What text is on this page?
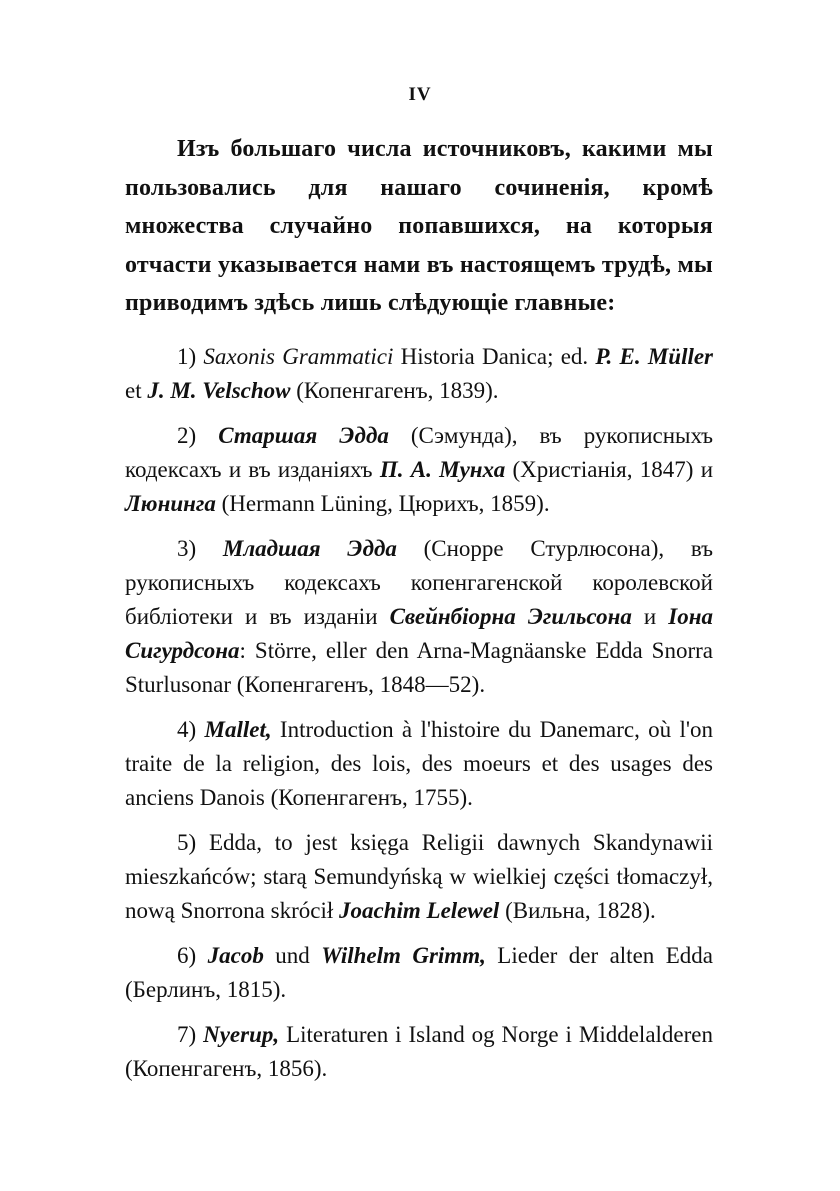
IV

Изъ большаго числа источниковъ, какими мы пользовались для нашаго сочиненія, кромѣ множества случайно попавшихся, на которыя отчасти указывается нами въ настоящемъ трудѣ, мы приводимъ здѣсь лишь слѣдующіе главные:

1) Saxonis Grammatici Historia Danica; ed. P. E. Müller et J. M. Velschow (Копенгагенъ, 1839).
2) Старшая Эдда (Сэмунда), въ рукописныхъ кодексахъ и въ изданіяхъ П. А. Мунха (Христіанія, 1847) и Люнинга (Hermann Lüning, Цюрихъ, 1859).
3) Младшая Эдда (Снорре Стурлюсона), въ рукописныхъ кодексахъ копенгагенской королевской библіотеки и въ изданіи Свейнбіорна Эгильсона и Іона Сигурдсона: Större, eller den Arna-Magnäanske Edda Snorra Sturlusonar (Копенгагенъ, 1848—52).
4) Mallet, Introduction à l'histoire du Danemarc, où l'on traite de la religion, des lois, des moeurs et des usages des anciens Danois (Копенгагенъ, 1755).
5) Edda, to jest księga Religii dawnych Skandynawii mieszkańców; starą Semundyńską w wielkiej części tłomaczył, nową Snorrona skrócił Joachim Lelewel (Вильна, 1828).
6) Jacob und Wilhelm Grimm, Lieder der alten Edda (Берлинъ, 1815).
7) Nyerup, Literaturen i Island og Norge i Middelalderen (Копенгагенъ, 1856).
